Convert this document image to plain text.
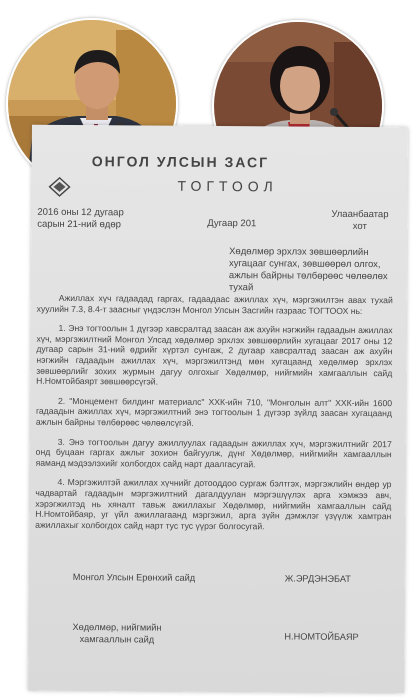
ОНГОЛ УЛСЫН ЗАСГ
ТОГТООЛ
2016 оны 12 дугаар
сарын 21-ний өдөр	Дугаар 201
Улаанбаатар
хот
Хөдөлмөр эрхлэх зөвшөөрлийн хугацааг сунгах, зөвшөөрөл олгох, ажлын байрны төлбөрөөс чөлөөлөх тухай

Ажиллах хүч гадаадад гаргах, гадаадаас ажиллах хүч, мэргэжилтэн авах тухай хуулийн 7.3, 8.4-т заасныг үндэслэн Монгол Улсын Засгийн газраас ТОГТООХ нь:

1. Энэ тогтоолын 1 дүгээр хавсралтад заасан аж ахуйн нэгжийн гадаадын ажиллах хүч, мэргэжилтний Монгол Улсад хөдөлмөр эрхлэх зөвшөөрлийн хугацааг 2017 оны 12 дугаар сарын 31-ний өдрийг хүртэл сунгаж, 2 дугаар хавсралтад заасан аж ахуйн нэгжийн гадаадын ажиллах хүч, мэргэжилтэнд мөн хугацаанд хөдөлмөр эрхлэх зөвшөөрлийг зохих журмын дагуу олгохыг Хөдөлмөр, нийгмийн хамгааллын сайд Н.Номтойбаярт зөвшөөрсүгэй.

2. "Монцемент билдинг материалс" ХХК-ийн 710, "Монголын алт" ХХК-ийн 1600 гадаадын ажиллах хүч, мэргэжилтний энэ тогтоолын 1 дүгээр зүйлд заасан хугацаанд ажлын байрны төлбөрөөс чөлөөлсүгэй.

3. Энэ тогтоолын дагуу ажиллуулах гадаадын ажиллах хүч, мэргэжилтнийг 2017 онд буцаан гаргах ажлыг зохион байгуулж, дүнг Хөдөлмөр, нийгмийн хамгааллын яаманд мэдээлэхийг холбогдох сайд нарт даалгасугай.

4. Мэргэжилтэй ажиллах хүчнийг дотооддоо сургаж бэлтгэх, мэргэжлийн өндөр ур чадвартай гадаадын мэргэжилтний дагалдуулан мэргэшүүлэх арга хэмжээ авч, хэрэгжилтэд нь хяналт тавьж ажиллахыг Хөдөлмөр, нийгмийн хамгааллын сайд Н.Номтойбаяр, уг үйл ажиллагаанд мэргэжил, арга зүйн дэмжлэг үзүүлж хамтран ажиллахыг холбогдох сайд нарт тус тус үүрэг болгосугай.

Монгол Улсын Ерөнхий сайд	Ж.ЭРДЭНЭБАТ
Хөдөлмөр, нийгмийн
хамгааллын сайд	Н.НОМТОЙБАЯР
